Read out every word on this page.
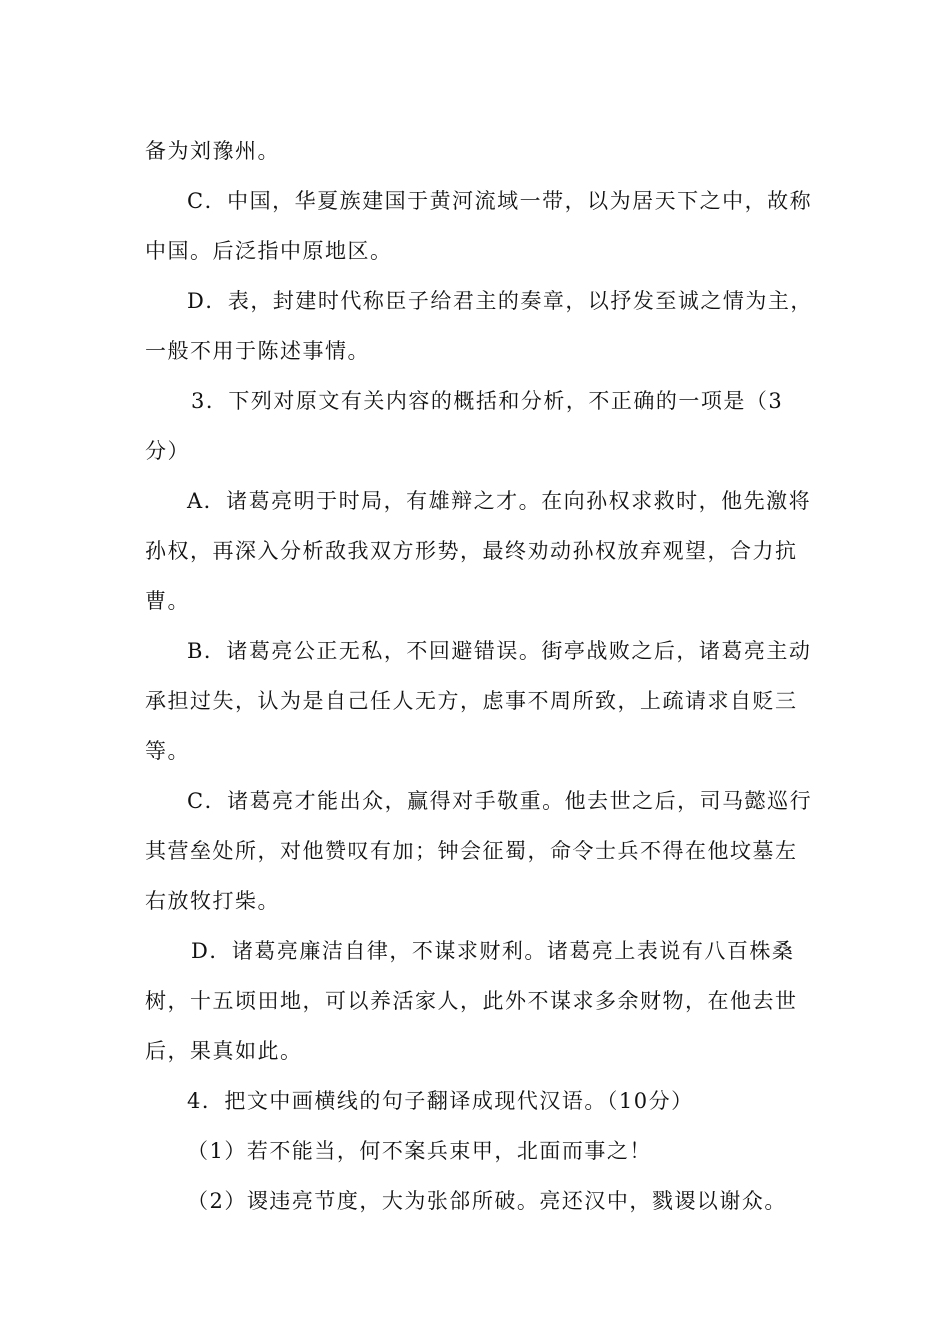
备为刘豫州。
C．中国，华夏族建国于黄河流域一带，以为居天下之中，故称
中国。后泛指中原地区。
D．表，封建时代称臣子给君主的奏章，以抒发至诚之情为主，
一般不用于陈述事情。
3．下列对原文有关内容的概括和分析，不正确的一项是（3
分）
A．诸葛亮明于时局，有雄辩之才。在向孙权求救时，他先激将
孙权，再深入分析敌我双方形势，最终劝动孙权放弃观望，合力抗
曹。
B．诸葛亮公正无私，不回避错误。街亭战败之后，诸葛亮主动
承担过失，认为是自己任人无方，虑事不周所致，上疏请求自贬三
等。
C．诸葛亮才能出众，赢得对手敬重。他去世之后，司马懿巡行
其营垒处所，对他赞叹有加；钟会征蜀，命令士兵不得在他坟墓左
右放牧打柴。
D．诸葛亮廉洁自律，不谋求财利。诸葛亮上表说有八百株桑
树，十五顷田地，可以养活家人，此外不谋求多余财物，在他去世
后，果真如此。
4．把文中画横线的句子翻译成现代汉语。（10分）
（1）若不能当，何不案兵束甲，北面而事之！
（2）谡违亮节度，大为张郃所破。亮还汉中，戮谡以谢众。
